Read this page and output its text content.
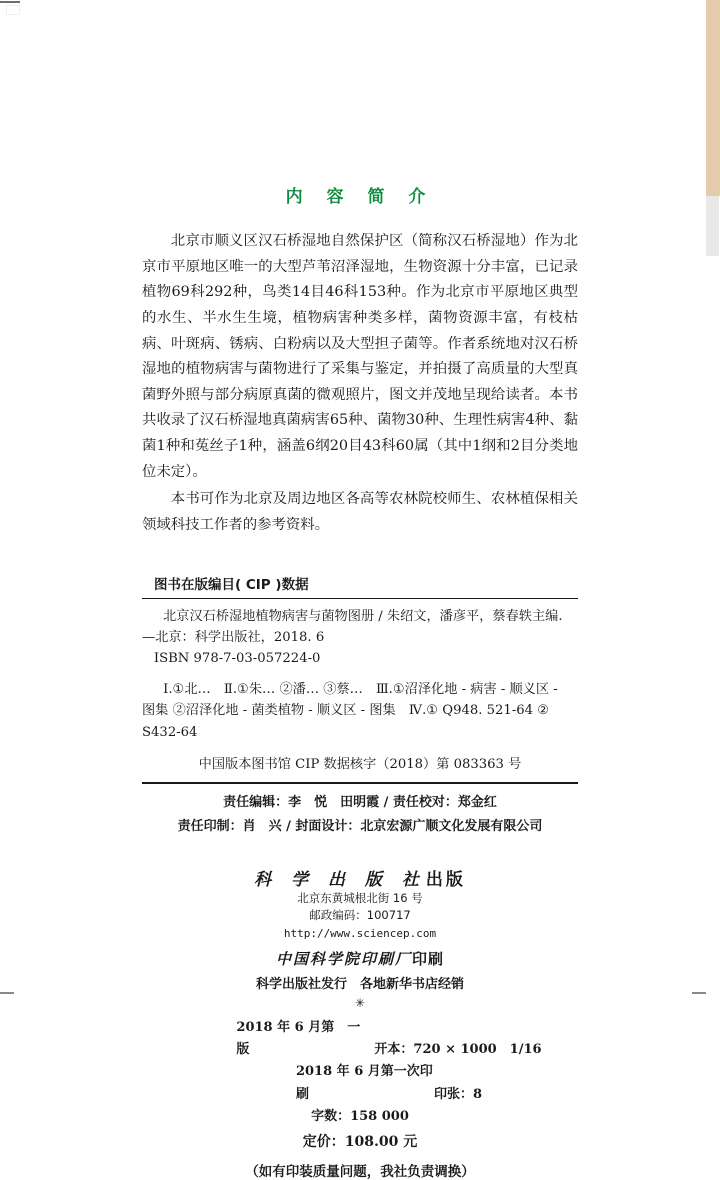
内 容 简 介

北京市顺义区汉石桥湿地自然保护区（简称汉石桥湿地）作为北京市平原地区唯一的大型芦苇沼泽湿地，生物资源十分丰富，已记录植物69科292种，鸟类14目46科153种。作为北京市平原地区典型的水生、半水生生境，植物病害种类多样，菌物资源丰富，有枝枯病、叶斑病、锈病、白粉病以及大型担子菌等。作者系统地对汉石桥湿地的植物病害与菌物进行了采集与鉴定，并拍摄了高质量的大型真菌野外照与部分病原真菌的微观照片，图文并茂地呈现给读者。本书共收录了汉石桥湿地真菌病害65种、菌物30种、生理性病害4种、黏菌1种和菟丝子1种，涵盖6纲20目43科60属（其中1纲和2目分类地位未定）。

本书可作为北京及周边地区各高等农林院校师生、农林植保相关领域科技工作者的参考资料。

图书在版编目( CIP )数据
北京汉石桥湿地植物病害与菌物图册 / 朱绍文，潘彦平，蔡春轶主编.
—北京：科学出版社，2018. 6
ISBN 978-7-03-057224-0
Ⅰ.①北…　Ⅱ.①朱… ②潘… ③蔡…　Ⅲ.①沼泽化地 - 病害 - 顺义区 -
图集 ②沼泽化地 - 菌类植物 - 顺义区 - 图集　Ⅳ.① Q948. 521-64 ② S432-64
中国版本图书馆 CIP 数据核字（2018）第 083363 号
责任编辑：李　悦　田明霞 / 责任校对：郑金红
责任印制：肖　兴 / 封面设计：北京宏源广顺文化发展有限公司
科 学 出 版 社出版
北京东黄城根北街 16 号
邮政编码：100717
http://www.sciencep.com
中国科学院印刷厂印刷
科学出版社发行　各地新华书店经销
✳
2018 年 6 月第　一　版	开本：720 × 1000　1/16
2018 年 6 月第一次印刷	印张：8
字数：158 000
定价：108.00 元
（如有印装质量问题，我社负责调换）
